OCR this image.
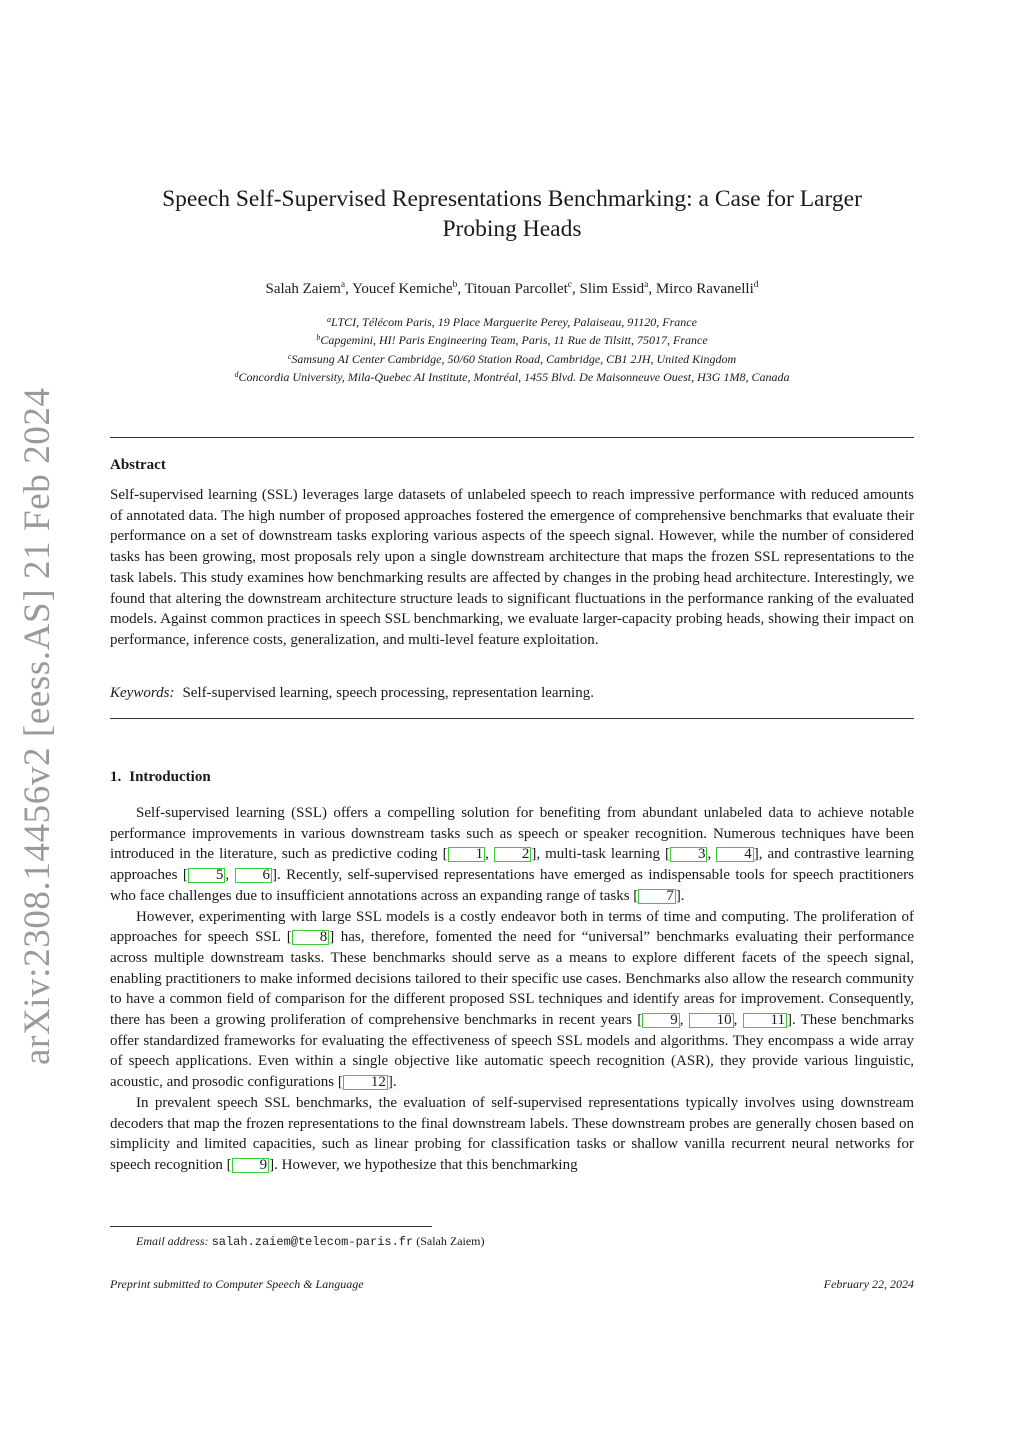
arXiv:2308.14456v2 [eess.AS] 21 Feb 2024
Speech Self-Supervised Representations Benchmarking: a Case for Larger
Probing Heads
Salah Zaiem$^a$, Youcef Kemiche$^b$, Titouan Parcollet$^c$, Slim Essid$^a$, Mirco Ravanelli$^d$
$^a$LTCI, Télécom Paris, 19 Place Marguerite Perey, Palaiseau, 91120, France
$^b$Capgemini, HI! Paris Engineering Team, Paris, 11 Rue de Tilsitt, 75017, France
$^c$Samsung AI Center Cambridge, 50/60 Station Road, Cambridge, CB1 2JH, United Kingdom
$^d$Concordia University, Mila-Quebec AI Institute, Montréal, 1455 Blvd. De Maisonneuve Ouest, H3G 1M8, Canada
Abstract
Self-supervised learning (SSL) leverages large datasets of unlabeled speech to reach impressive performance with reduced amounts of annotated data. The high number of proposed approaches fostered the emergence of comprehensive benchmarks that evaluate their performance on a set of downstream tasks exploring various aspects of the speech signal. However, while the number of considered tasks has been growing, most proposals rely upon a single downstream architecture that maps the frozen SSL representations to the task labels. This study examines how benchmarking results are affected by changes in the probing head architecture. Interestingly, we found that altering the downstream architecture structure leads to significant fluctuations in the performance ranking of the evaluated models. Against common practices in speech SSL benchmarking, we evaluate larger-capacity probing heads, showing their impact on performance, inference costs, generalization, and multi-level feature exploitation.
Keywords: Self-supervised learning, speech processing, representation learning.
1. Introduction

Self-supervised learning (SSL) offers a compelling solution for benefiting from abundant unlabeled data to achieve notable performance improvements in various downstream tasks such as speech or speaker recognition. Numerous techniques have been introduced in the literature, such as predictive coding [ 1 , 2 ], multi-task learning [ 3 , 4 ], and contrastive learning approaches [ 5 , 6 ]. Recently, self-supervised representations have emerged as indispensable tools for speech practitioners who face challenges due to insufficient annotations across an expanding range of tasks [ 7 ].

However, experimenting with large SSL models is a costly endeavor both in terms of time and computing. The proliferation of approaches for speech SSL [ 8 ] has, therefore, fomented the need for “universal” benchmarks evaluating their performance across multiple downstream tasks. These benchmarks should serve as a means to explore different facets of the speech signal, enabling practitioners to make informed decisions tailored to their specific use cases. Benchmarks also allow the research community to have a common field of comparison for the different proposed SSL techniques and identify areas for improvement. Consequently, there has been a growing proliferation of comprehensive benchmarks in recent years [ 9 , 10 , 11 ]. These benchmarks offer standardized frameworks for evaluating the effectiveness of speech SSL models and algorithms. They encompass a wide array of speech applications. Even within a single objective like automatic speech recognition (ASR), they provide various linguistic, acoustic, and prosodic configurations [ 12 ].

In prevalent speech SSL benchmarks, the evaluation of self-supervised representations typically involves using downstream decoders that map the frozen representations to the final downstream labels. These downstream probes are generally chosen based on simplicity and limited capacities, such as linear probing for classification tasks or shallow vanilla recurrent neural networks for speech recognition [ 9 ]. However, we hypothesize that this benchmarking

Email address: salah.zaiem@telecom-paris.fr (Salah Zaiem)
Preprint submitted to Computer Speech & Language	February 22, 2024
